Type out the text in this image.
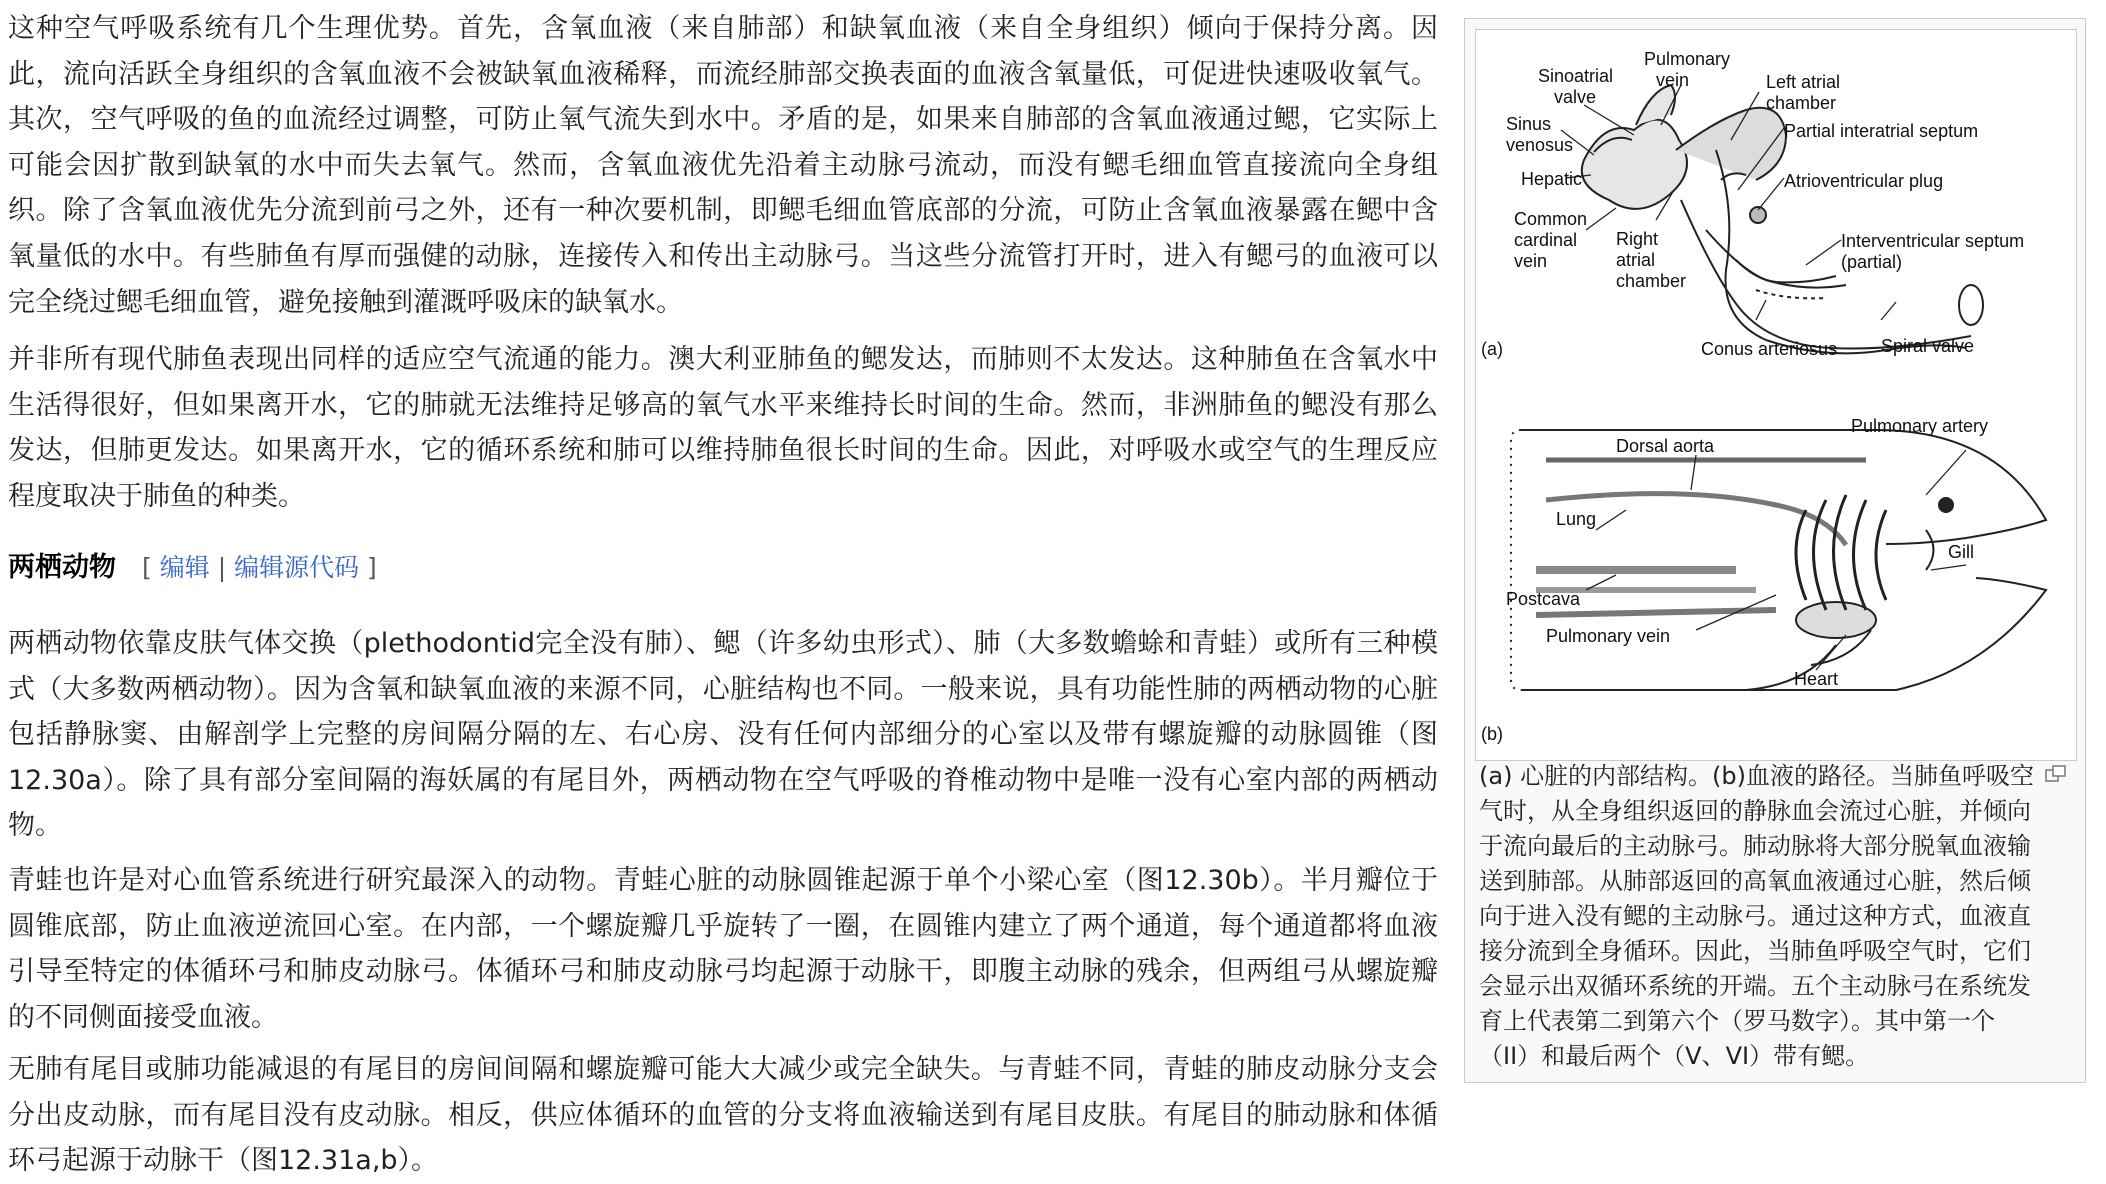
这种空气呼吸系统有几个生理优势。首先，含氧血液（来自肺部）和缺氧血液（来自全身组织）倾向于保持分离。因此，流向活跃全身组织的含氧血液不会被缺氧血液稀释，而流经肺部交换表面的血液含氧量低，可促进快速吸收氧气。其次，空气呼吸的鱼的血流经过调整，可防止氧气流失到水中。矛盾的是，如果来自肺部的含氧血液通过鳃，它实际上可能会因扩散到缺氧的水中而失去氧气。然而，含氧血液优先沿着主动脉弓流动，而没有鳃毛细血管直接流向全身组织。除了含氧血液优先分流到前弓之外，还有一种次要机制，即鳃毛细血管底部的分流，可防止含氧血液暴露在鳃中含氧量低的水中。有些肺鱼有厚而强健的动脉，连接传入和传出主动脉弓。当这些分流管打开时，进入有鳃弓的血液可以完全绕过鳃毛细血管，避免接触到灌溉呼吸床的缺氧水。

并非所有现代肺鱼表现出同样的适应空气流通的能力。澳大利亚肺鱼的鳃发达，而肺则不太发达。这种肺鱼在含氧水中生活得很好，但如果离开水，它的肺就无法维持足够高的氧气水平来维持长时间的生命。然而，非洲肺鱼的鳃没有那么发达，但肺更发达。如果离开水，它的循环系统和肺可以维持肺鱼很长时间的生命。因此，对呼吸水或空气的生理反应程度取决于肺鱼的种类。

两栖动物 [ 编辑 | 编辑源代码 ]

两栖动物依靠皮肤气体交换（plethodontid完全没有肺）、鳃（许多幼虫形式）、肺（大多数蟾蜍和青蛙）或所有三种模式（大多数两栖动物）。因为含氧和缺氧血液的来源不同，心脏结构也不同。一般来说，具有功能性肺的两栖动物的心脏包括静脉窦、由解剖学上完整的房间隔分隔的左、右心房、没有任何内部细分的心室以及带有螺旋瓣的动脉圆锥（图12.30a）。除了具有部分室间隔的海妖属的有尾目外，两栖动物在空气呼吸的脊椎动物中是唯一没有心室内部的两栖动物。

青蛙也许是对心血管系统进行研究最深入的动物。青蛙心脏的动脉圆锥起源于单个小梁心室（图12.30b）。半月瓣位于圆锥底部，防止血液逆流回心室。在内部，一个螺旋瓣几乎旋转了一圈，在圆锥内建立了两个通道，每个通道都将血液引导至特定的体循环弓和肺皮动脉弓。体循环弓和肺皮动脉弓均起源于动脉干，即腹主动脉的残余，但两组弓从螺旋瓣的不同侧面接受血液。

无肺有尾目或肺功能减退的有尾目的房间间隔和螺旋瓣可能大大减少或完全缺失。与青蛙不同，青蛙的肺皮动脉分支会分出皮动脉，而有尾目没有皮动脉。相反，供应体循环的血管的分支将血液输送到有尾目皮肤。有尾目的肺动脉和体循环弓起源于动脉干（图12.31a,b）。

(a)
Sinoatrial
valve
Pulmonary
vein	Left atrial
chamber
Sinus
venosus
Partial interatrial septum
Hepatic	Atrioventricular plug
Common
cardinal
vein
Right
atrial
chamber
Interventricular septum
(partial)
Conus arteriosus Spiral valve
(b)
Pulmonary artery
Dorsal aorta
Lung
Gill
Postcava
Pulmonary vein
Heart
(a) 心脏的内部结构。(b)血液的路径。当肺鱼呼吸空气时，从全身组织返回的静脉血会流过心脏，并倾向于流向最后的主动脉弓。肺动脉将大部分脱氧血液输送到肺部。从肺部返回的高氧血液通过心脏，然后倾向于进入没有鳃的主动脉弓。通过这种方式，血液直接分流到全身循环。因此，当肺鱼呼吸空气时，它们会显示出双循环系统的开端。五个主动脉弓在系统发育上代表第二到第六个（罗马数字）。其中第一个（II）和最后两个（V、VI）带有鳃。
